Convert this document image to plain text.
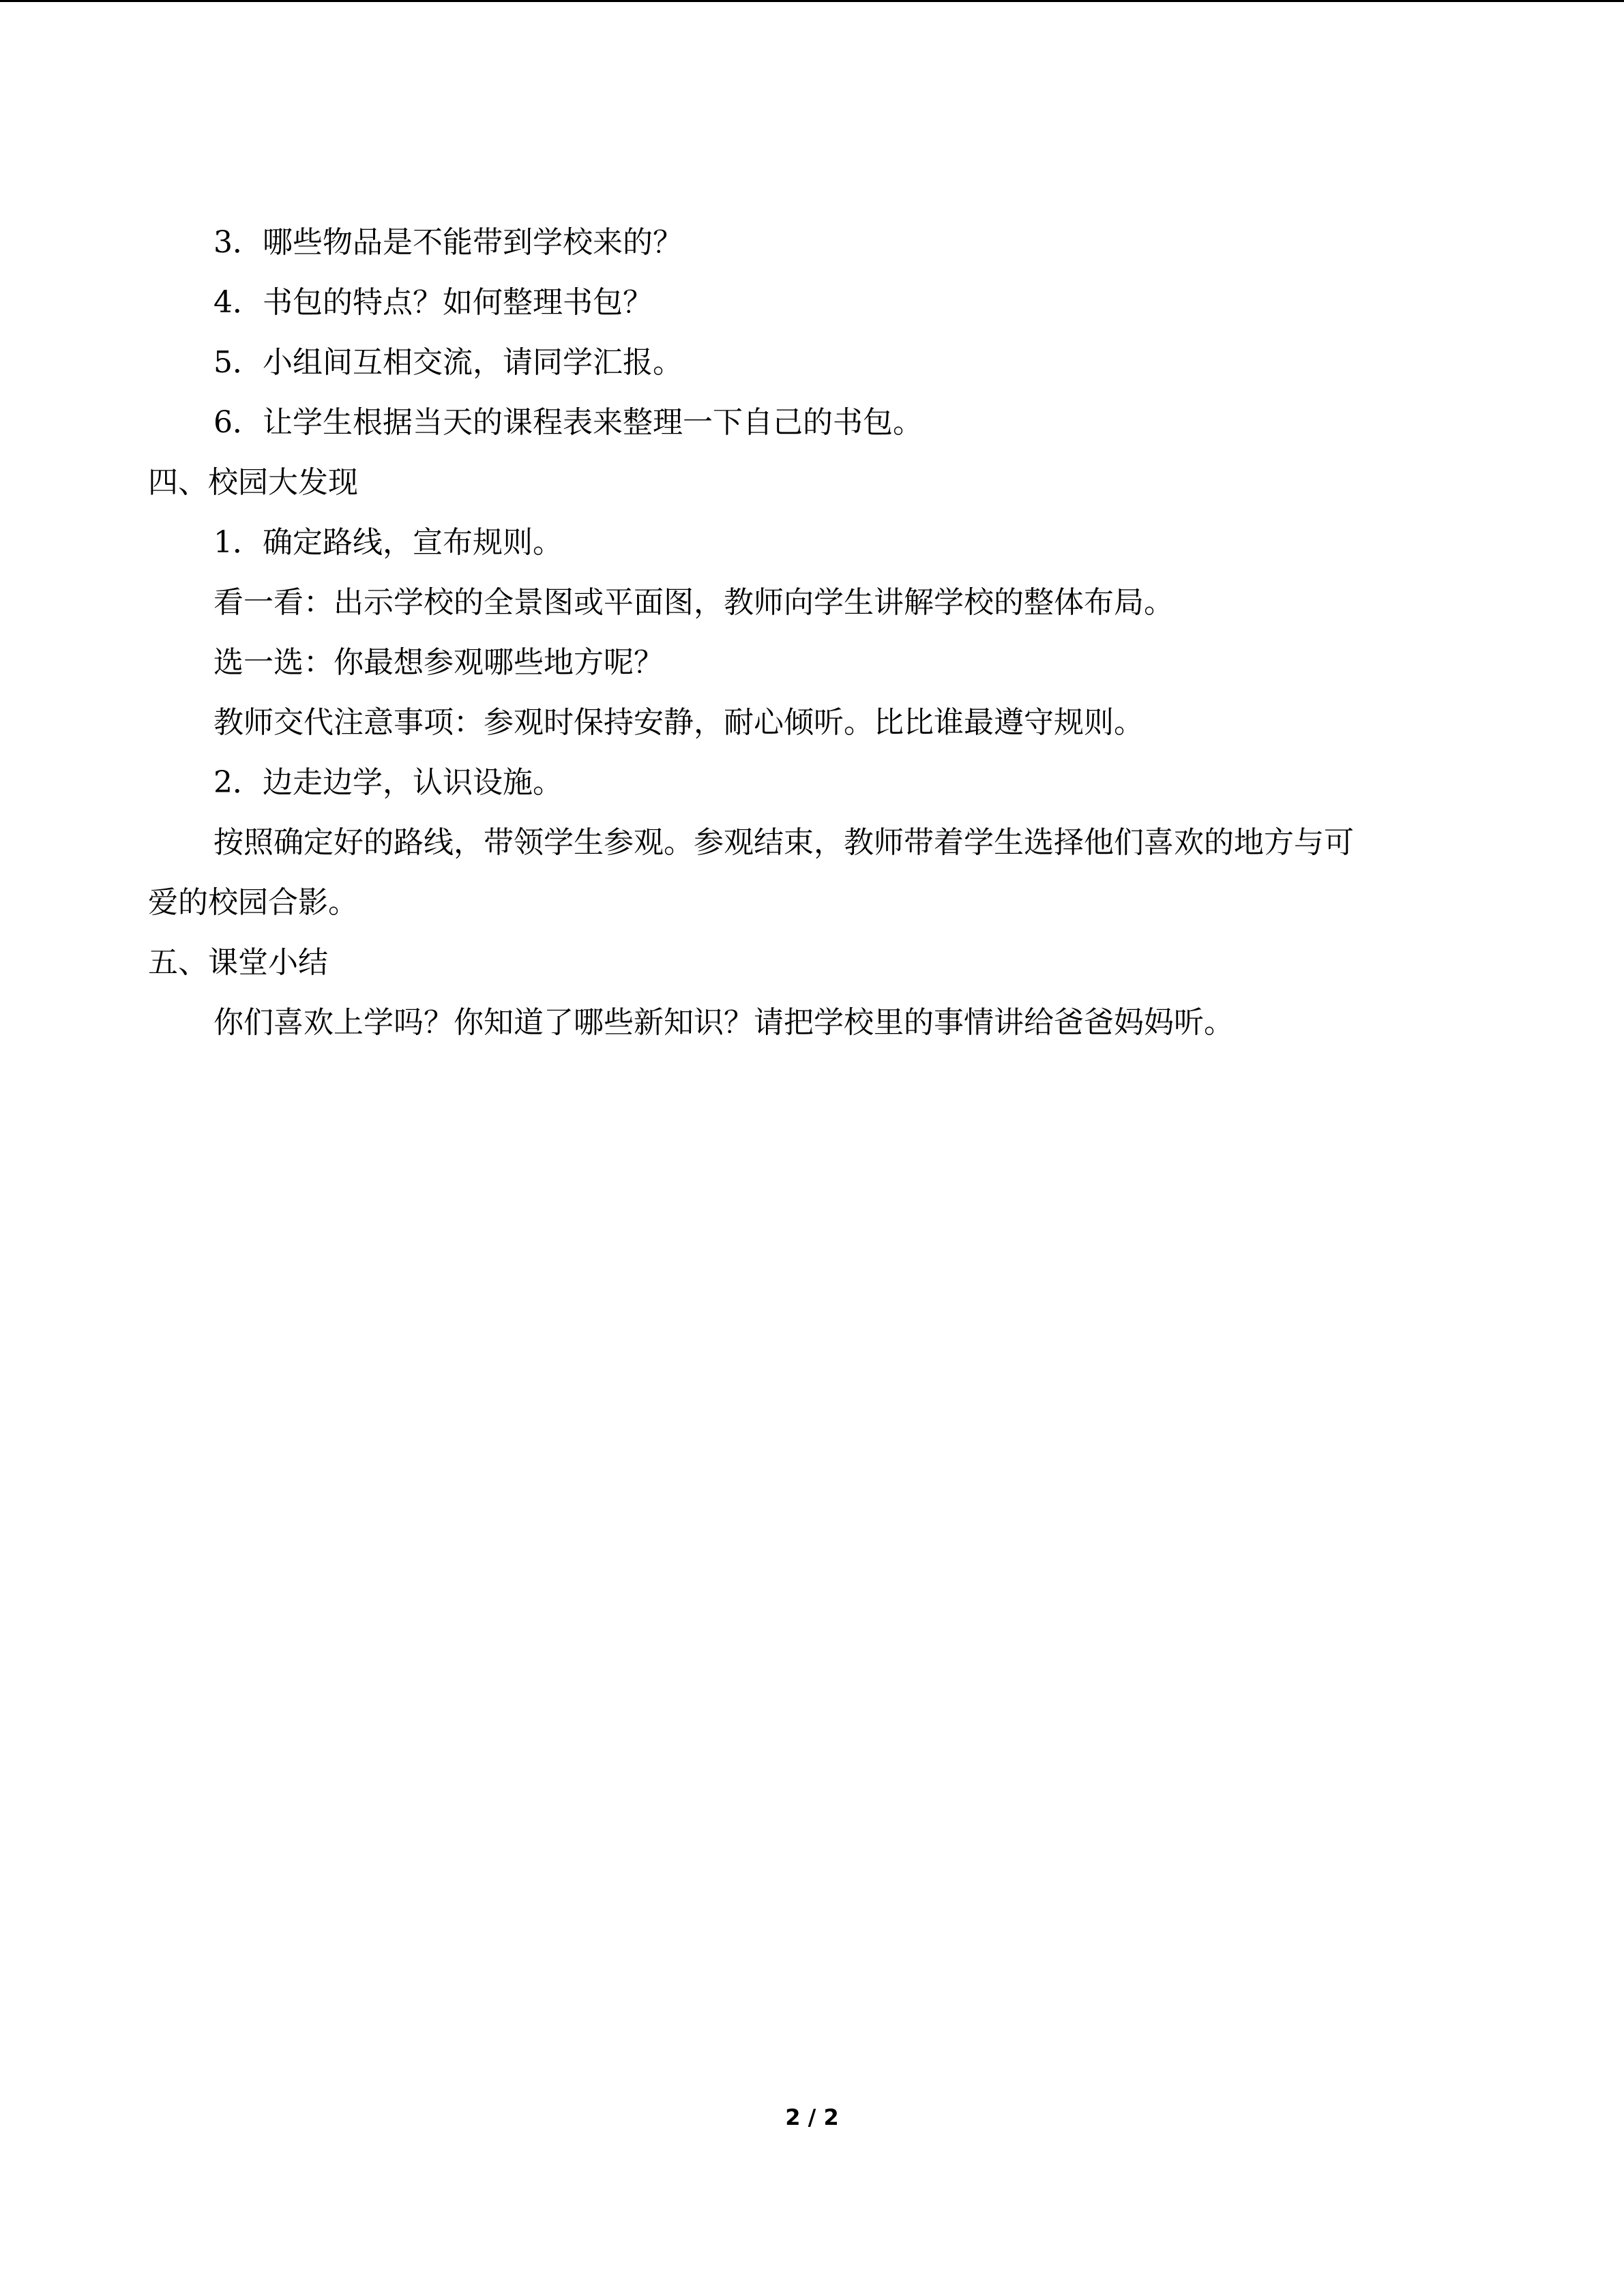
3．哪些物品是不能带到学校来的？
4．书包的特点？如何整理书包？
5．小组间互相交流，请同学汇报。
6．让学生根据当天的课程表来整理一下自己的书包。
四、校园大发现
1．确定路线，宣布规则。
看一看：出示学校的全景图或平面图，教师向学生讲解学校的整体布局。
选一选：你最想参观哪些地方呢？
教师交代注意事项：参观时保持安静，耐心倾听。比比谁最遵守规则。
2．边走边学，认识设施。
按照确定好的路线，带领学生参观。参观结束，教师带着学生选择他们喜欢的地方与可
爱的校园合影。
五、课堂小结
你们喜欢上学吗？你知道了哪些新知识？请把学校里的事情讲给爸爸妈妈听。
2 / 2
